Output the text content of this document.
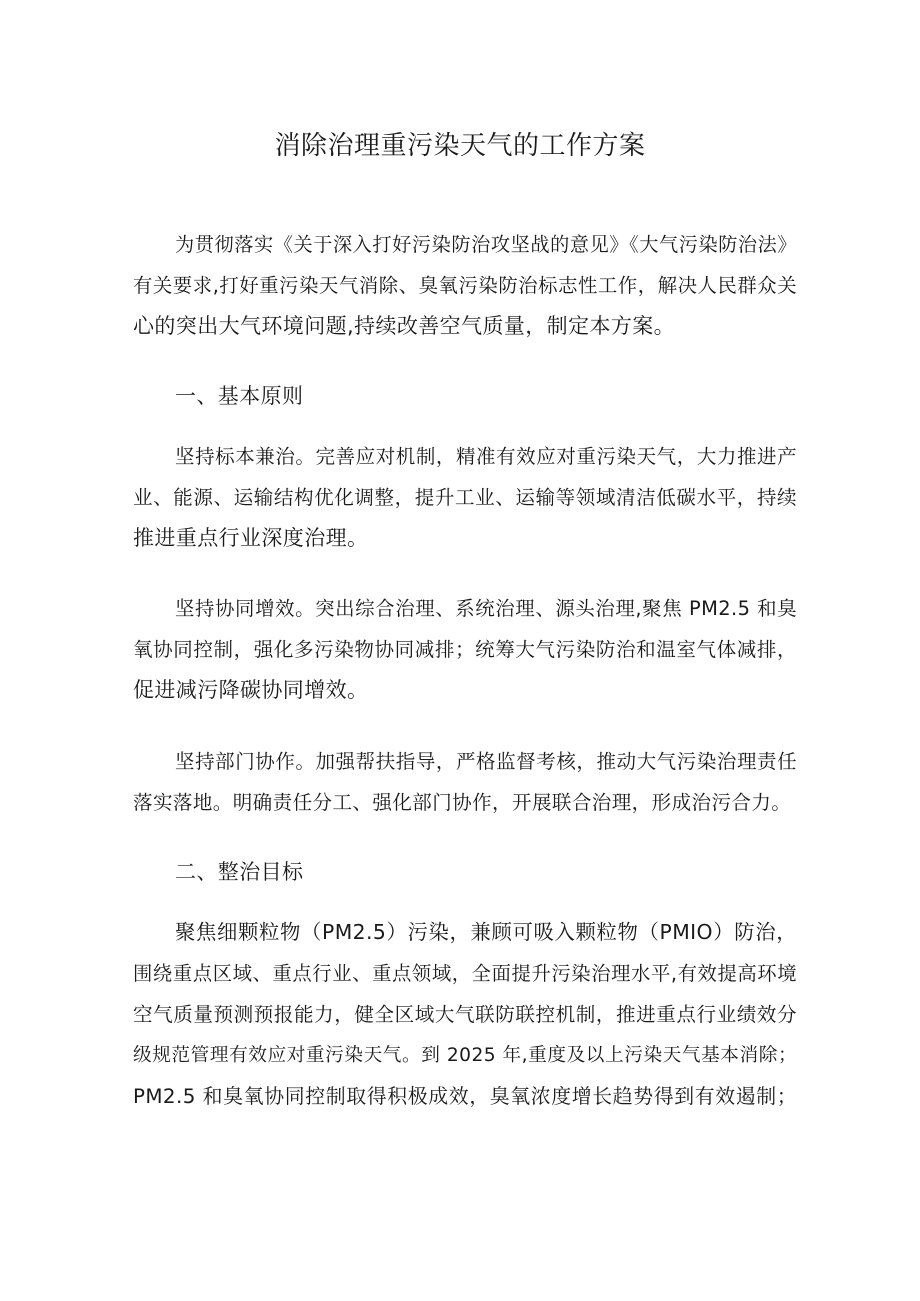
消除治理重污染天气的工作方案

为贯彻落实《关于深入打好污染防治攻坚战的意见》《大气污染防治法》
有关要求,打好重污染天气消除、臭氧污染防治标志性工作，解决人民群众关
心的突出大气环境问题,持续改善空气质量，制定本方案。

一、基本原则

坚持标本兼治。完善应对机制，精准有效应对重污染天气，大力推进产
业、能源、运输结构优化调整，提升工业、运输等领域清洁低碳水平，持续
推进重点行业深度治理。

坚持协同增效。突出综合治理、系统治理、源头治理,聚焦 PM2.5 和臭
氧协同控制，强化多污染物协同减排；统筹大气污染防治和温室气体减排，
促进减污降碳协同增效。

坚持部门协作。加强帮扶指导，严格监督考核，推动大气污染治理责任
落实落地。明确责任分工、强化部门协作，开展联合治理，形成治污合力。

二、整治目标

聚焦细颗粒物（PM2.5）污染，兼顾可吸入颗粒物（PMIO）防治，
围绕重点区域、重点行业、重点领域，全面提升污染治理水平,有效提高环境
空气质量预测预报能力，健全区域大气联防联控机制，推进重点行业绩效分
级规范管理有效应对重污染天气。到 2025 年,重度及以上污染天气基本消除；
PM2.5 和臭氧协同控制取得积极成效，臭氧浓度增长趋势得到有效遏制；
